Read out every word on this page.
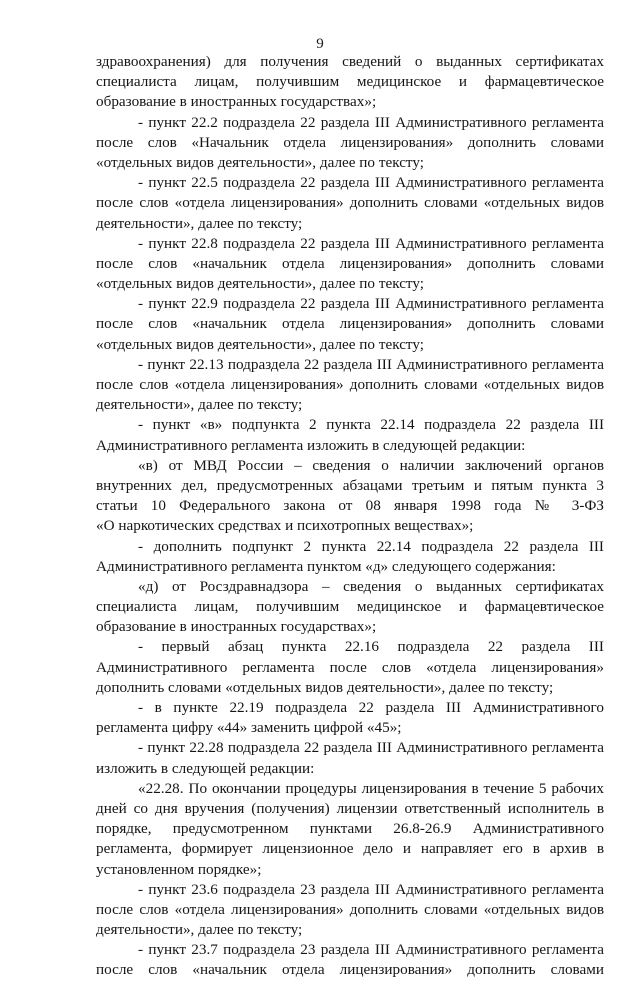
9
здравоохранения) для получения сведений о выданных сертификатах
специалиста лицам, получившим медицинское и фармацевтическое
образование в иностранных государствах»;
- пункт 22.2 подраздела 22 раздела III Административного регламента
после слов «Начальник отдела лицензирования» дополнить словами
«отдельных видов деятельности», далее по тексту;
- пункт 22.5 подраздела 22 раздела III Административного регламента
после слов «отдела лицензирования» дополнить словами «отдельных видов
деятельности», далее по тексту;
- пункт 22.8 подраздела 22 раздела III Административного регламента
после слов «начальник отдела лицензирования» дополнить словами
«отдельных видов деятельности», далее по тексту;
- пункт 22.9 подраздела 22 раздела III Административного регламента
после слов «начальник отдела лицензирования» дополнить словами
«отдельных видов деятельности», далее по тексту;
- пункт 22.13 подраздела 22 раздела III Административного регламента
после слов «отдела лицензирования» дополнить словами «отдельных видов
деятельности», далее по тексту;
- пункт «в» подпункта 2 пункта 22.14 подраздела 22 раздела III
Административного регламента изложить в следующей редакции:
«в) от МВД России – сведения о наличии заключений органов
внутренних дел, предусмотренных абзацами третьим и пятым пункта 3
статьи 10 Федерального закона от 08 января 1998 года № 3-ФЗ
«О наркотических средствах и психотропных веществах»;
- дополнить подпункт 2 пункта 22.14 подраздела 22 раздела III
Административного регламента пунктом «д» следующего содержания:
«д) от Росздравнадзора – сведения о выданных сертификатах
специалиста лицам, получившим медицинское и фармацевтическое
образование в иностранных государствах»;
- первый абзац пункта 22.16 подраздела 22 раздела III
Административного регламента после слов «отдела лицензирования»
дополнить словами «отдельных видов деятельности», далее по тексту;
- в пункте 22.19 подраздела 22 раздела III Административного
регламента цифру «44» заменить цифрой «45»;
- пункт 22.28 подраздела 22 раздела III Административного регламента
изложить в следующей редакции:
«22.28. По окончании процедуры лицензирования в течение 5 рабочих
дней со дня вручения (получения) лицензии ответственный исполнитель в
порядке, предусмотренном пунктами 26.8-26.9 Административного
регламента, формирует лицензионное дело и направляет его в архив в
установленном порядке»;
- пункт 23.6 подраздела 23 раздела III Административного регламента
после слов «отдела лицензирования» дополнить словами «отдельных видов
деятельности», далее по тексту;
- пункт 23.7 подраздела 23 раздела III Административного регламента
после слов «начальник отдела лицензирования» дополнить словами
